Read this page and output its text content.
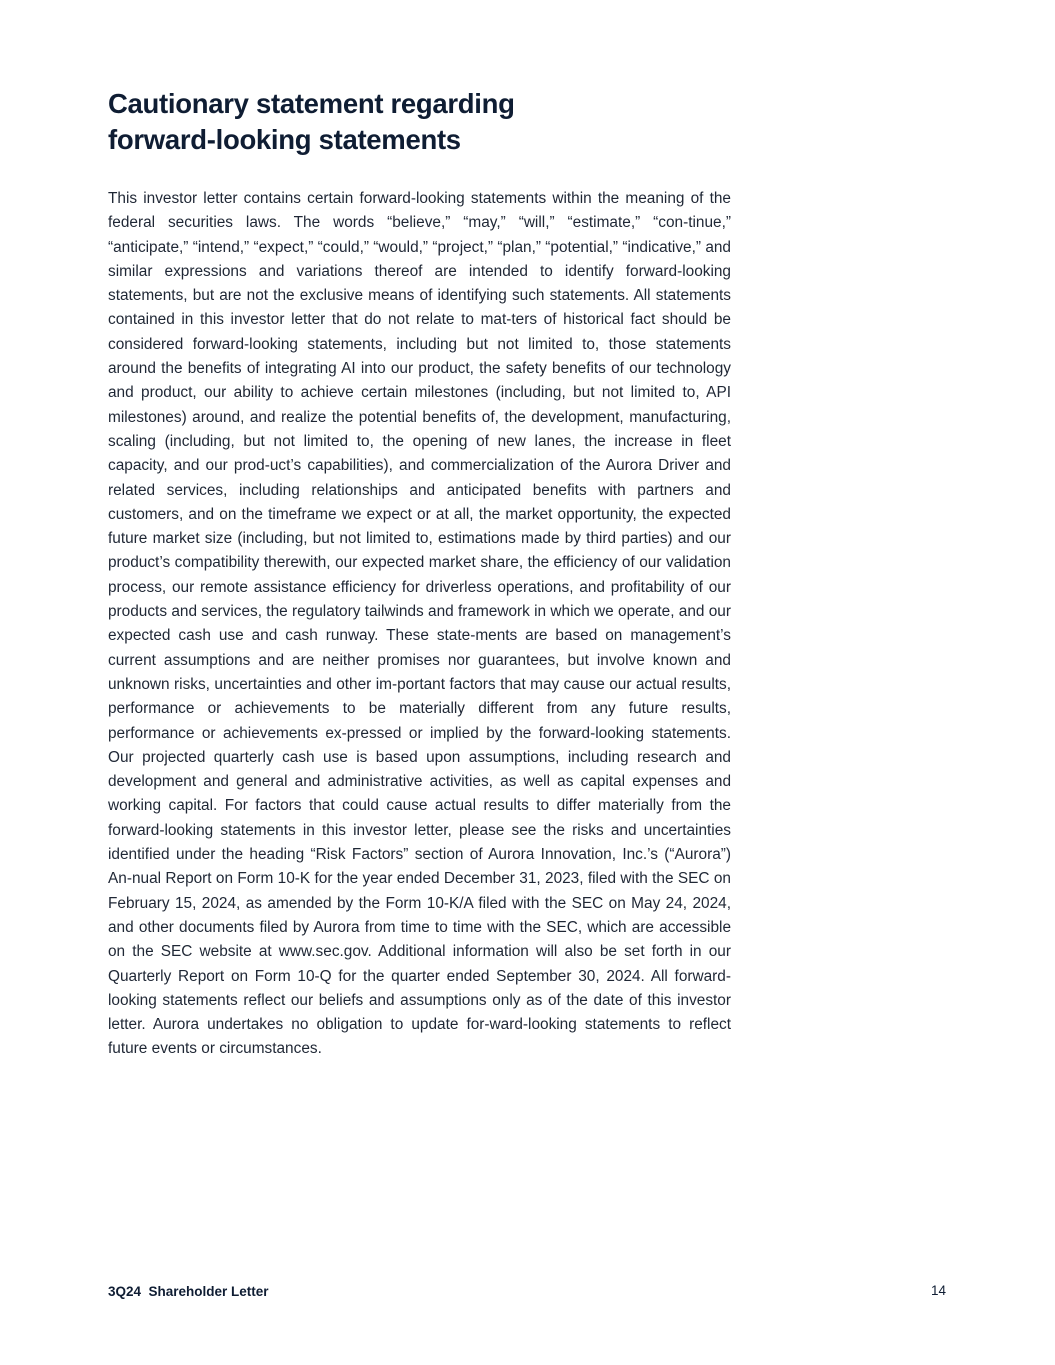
Cautionary statement regarding
forward-looking statements

This investor letter contains certain forward-looking statements within the meaning of the federal securities laws. The words “believe,” “may,” “will,” “estimate,” “con-tinue,” “anticipate,” “intend,” “expect,” “could,” “would,” “project,” “plan,” “potential,” “indicative,” and similar expressions and variations thereof are intended to identify forward-looking statements, but are not the exclusive means of identifying such statements. All statements contained in this investor letter that do not relate to mat-ters of historical fact should be considered forward-looking statements, including but not limited to, those statements around the benefits of integrating AI into our product, the safety benefits of our technology and product, our ability to achieve certain milestones (including, but not limited to, API milestones) around, and realize the potential benefits of, the development, manufacturing, scaling (including, but not limited to, the opening of new lanes, the increase in fleet capacity, and our prod-uct’s capabilities), and commercialization of the Aurora Driver and related services, including relationships and anticipated benefits with partners and customers, and on the timeframe we expect or at all, the market opportunity, the expected future market size (including, but not limited to, estimations made by third parties) and our product’s compatibility therewith, our expected market share, the efficiency of our validation process, our remote assistance efficiency for driverless operations, and profitability of our products and services, the regulatory tailwinds and framework in which we operate, and our expected cash use and cash runway. These state-ments are based on management’s current assumptions and are neither promises nor guarantees, but involve known and unknown risks, uncertainties and other im-portant factors that may cause our actual results, performance or achievements to be materially different from any future results, performance or achievements ex-pressed or implied by the forward-looking statements. Our projected quarterly cash use is based upon assumptions, including research and development and general and administrative activities, as well as capital expenses and working capital. For factors that could cause actual results to differ materially from the forward-looking statements in this investor letter, please see the risks and uncertainties identified under the heading “Risk Factors” section of Aurora Innovation, Inc.’s (“Aurora”) An-nual Report on Form 10-K for the year ended December 31, 2023, filed with the SEC on February 15, 2024, as amended by the Form 10-K/A filed with the SEC on May 24, 2024, and other documents filed by Aurora from time to time with the SEC, which are accessible on the SEC website at www.sec.gov. Additional information will also be set forth in our Quarterly Report on Form 10-Q for the quarter ended September 30, 2024. All forward-looking statements reflect our beliefs and assumptions only as of the date of this investor letter. Aurora undertakes no obligation to update for-ward-looking statements to reflect future events or circumstances.

3Q24  Shareholder Letter	14
